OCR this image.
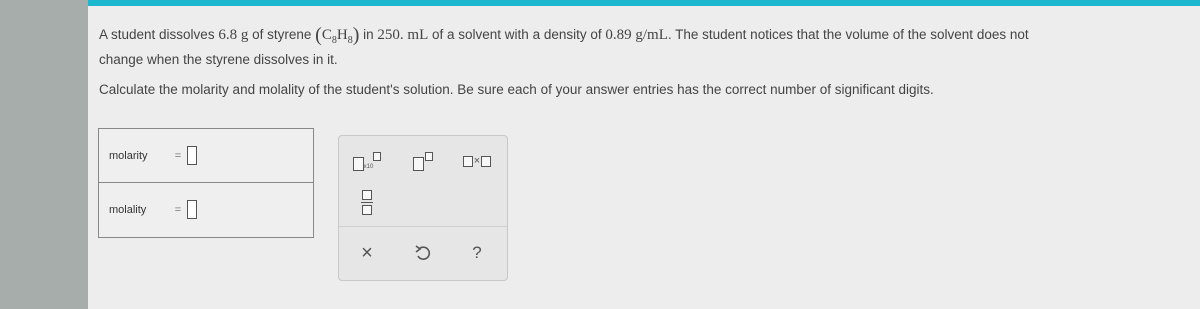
A student dissolves 6.8 g of styrene $(C_8H_8)$ in 250. mL of a solvent with a density of 0.89 g/mL. The student notices that the volume of the solvent does not
change when the styrene dissolves in it.
Calculate the molarity and molality of the student's solution. Be sure each of your answer entries has the correct number of significant digits.
molarity	=
molality	=
x10	×
×	?
